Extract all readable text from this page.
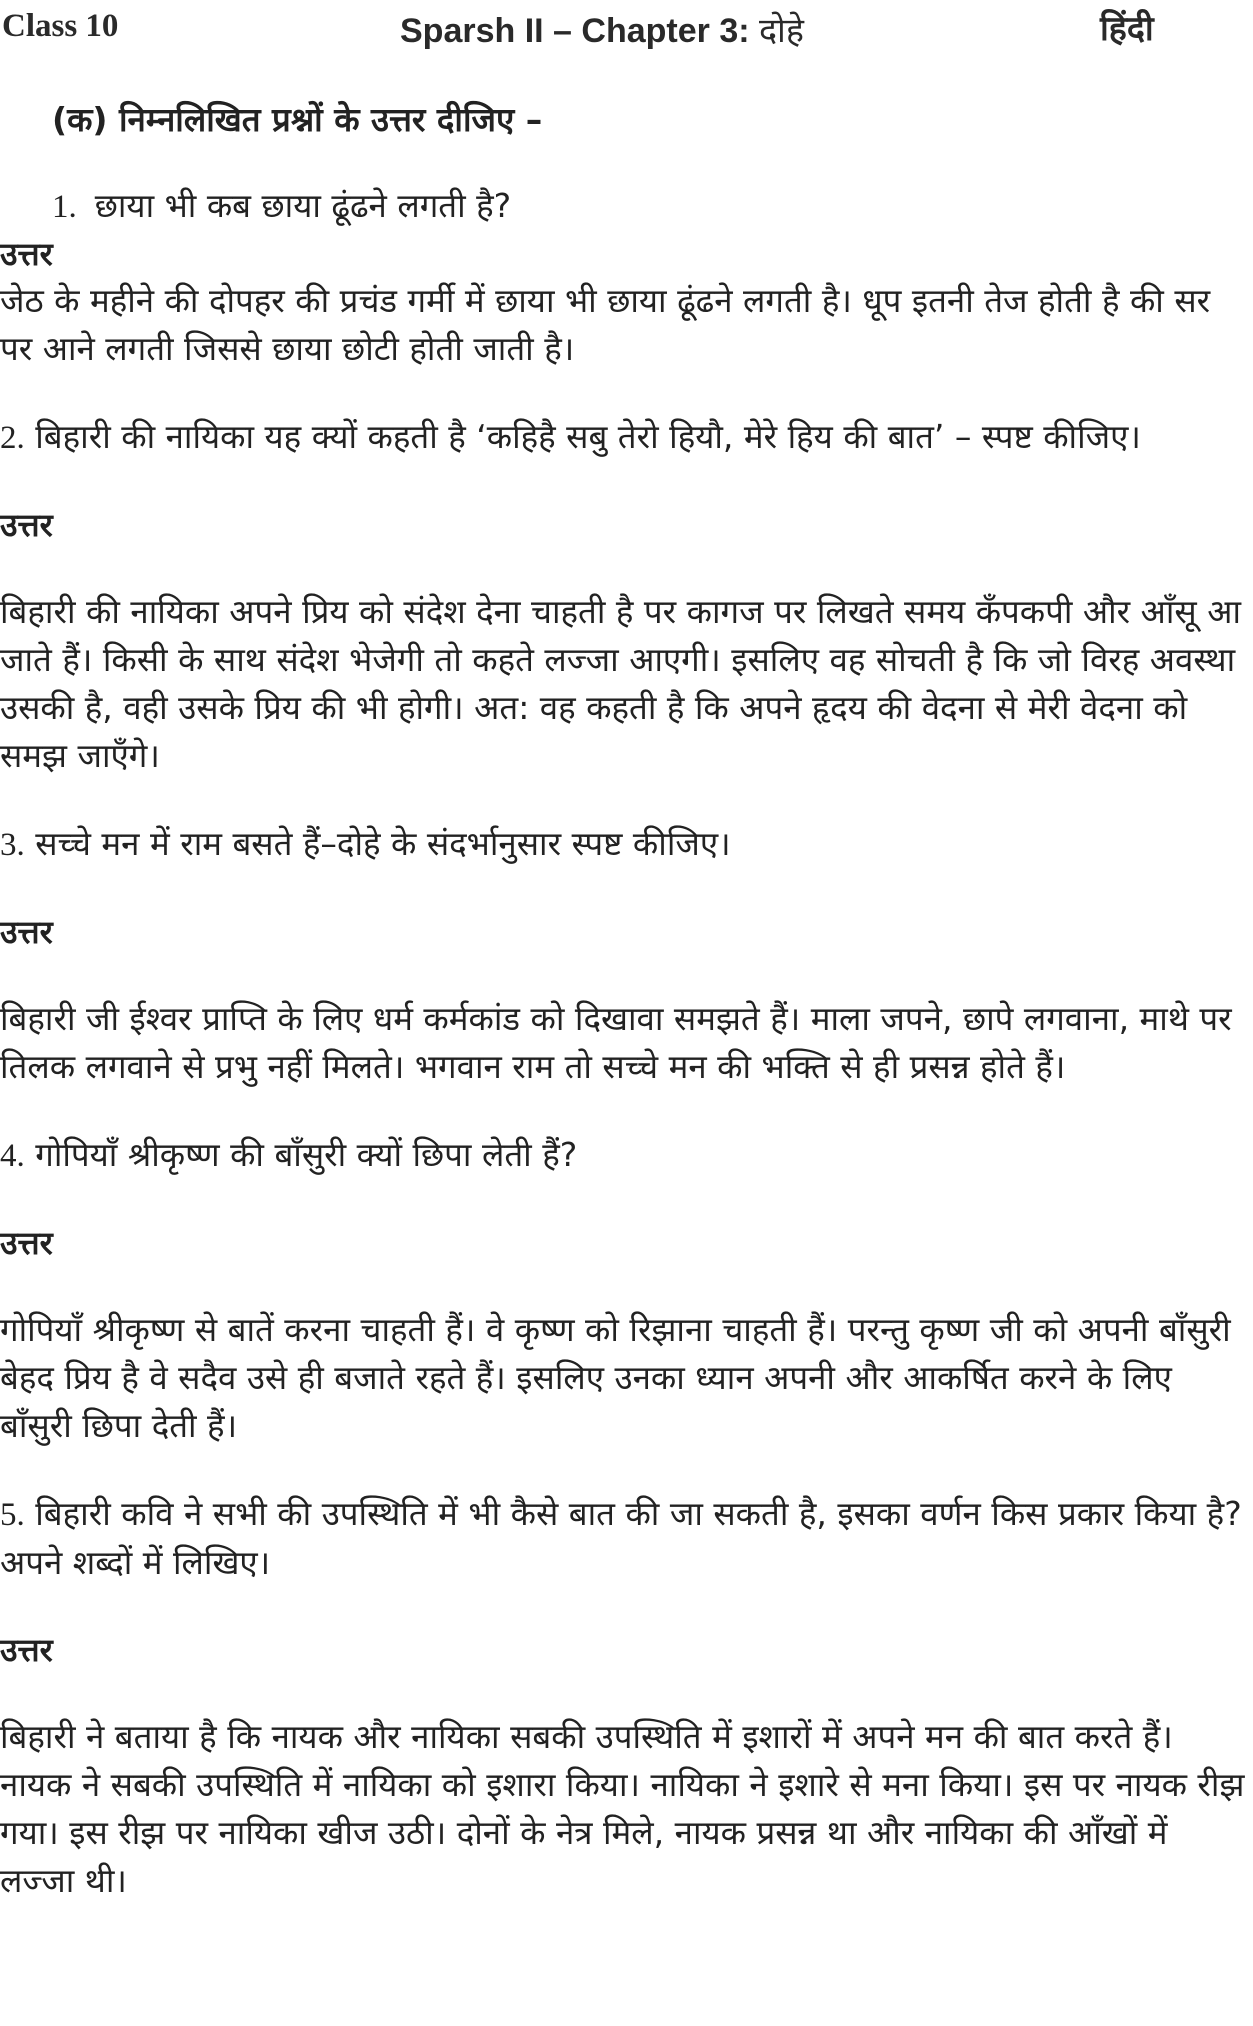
Class 10	Sparsh II – Chapter 3: दोहे	हिंदी

(क) निम्नलिखित प्रश्नों के उत्तर दीजिए –

1. छाया भी कब छाया ढूंढने लगती है?

उत्तर

जेठ के महीने की दोपहर की प्रचंड गर्मी में छाया भी छाया ढूंढने लगती है। धूप इतनी तेज होती है की सर पर आने लगती जिससे छाया छोटी होती जाती है।

2. बिहारी की नायिका यह क्यों कहती है ‘कहिहै सबु तेरो हियौ, मेरे हिय की बात’ – स्पष्ट कीजिए।

उत्तर

बिहारी की नायिका अपने प्रिय को संदेश देना चाहती है पर कागज पर लिखते समय कँपकपी और आँसू आ जाते हैं। किसी के साथ संदेश भेजेगी तो कहते लज्जा आएगी। इसलिए वह सोचती है कि जो विरह अवस्था उसकी है, वही उसके प्रिय की भी होगी। अत: वह कहती है कि अपने हृदय की वेदना से मेरी वेदना को समझ जाएँगे।

3. सच्चे मन में राम बसते हैं–दोहे के संदर्भानुसार स्पष्ट कीजिए।

उत्तर

बिहारी जी ईश्वर प्राप्ति के लिए धर्म कर्मकांड को दिखावा समझते हैं। माला जपने, छापे लगवाना, माथे पर तिलक लगवाने से प्रभु नहीं मिलते। भगवान राम तो सच्चे मन की भक्ति से ही प्रसन्न होते हैं।

4. गोपियाँ श्रीकृष्ण की बाँसुरी क्यों छिपा लेती हैं?

उत्तर

गोपियाँ श्रीकृष्ण से बातें करना चाहती हैं। वे कृष्ण को रिझाना चाहती हैं। परन्तु कृष्ण जी को अपनी बाँसुरी बेहद प्रिय है वे सदैव उसे ही बजाते रहते हैं। इसलिए उनका ध्यान अपनी और आकर्षित करने के लिए बाँसुरी छिपा देती हैं।

5. बिहारी कवि ने सभी की उपस्थिति में भी कैसे बात की जा सकती है, इसका वर्णन किस प्रकार किया है? अपने शब्दों में लिखिए।

उत्तर

बिहारी ने बताया है कि नायक और नायिका सबकी उपस्थिति में इशारों में अपने मन की बात करते हैं। नायक ने सबकी उपस्थिति में नायिका को इशारा किया। नायिका ने इशारे से मना किया। इस पर नायक रीझ गया। इस रीझ पर नायिका खीज उठी। दोनों के नेत्र मिले, नायक प्रसन्न था और नायिका की आँखों में लज्जा थी।
